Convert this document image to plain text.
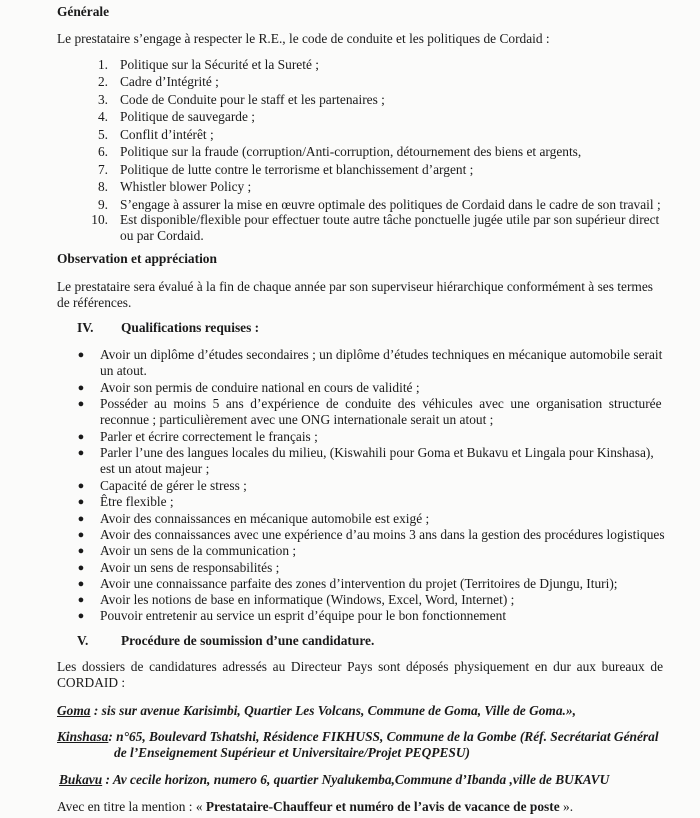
Générale
Le prestataire s’engage à respecter le R.E., le code de conduite et les politiques de Cordaid :
1. Politique sur la Sécurité et la Sureté ;
2. Cadre d’Intégrité ;
3. Code de Conduite pour le staff et les partenaires ;
4. Politique de sauvegarde ;
5. Conflit d’intérêt ;
6. Politique sur la fraude (corruption/Anti-corruption, détournement des biens et argents,
7. Politique de lutte contre le terrorisme et blanchissement d’argent ;
8. Whistler blower Policy ;
9. S’engage à assurer la mise en œuvre optimale des politiques de Cordaid dans le cadre de son travail ;
10. Est disponible/flexible pour effectuer toute autre tâche ponctuelle jugée utile par son supérieur direct
ou par Cordaid.
Observation et appréciation
Le prestataire sera évalué à la fin de chaque année par son superviseur hiérarchique conformément à ses termes
de références.
IV. Qualifications requises :
● Avoir un diplôme d’études secondaires ; un diplôme d’études techniques en mécanique automobile serait
un atout.
● Avoir son permis de conduire national en cours de validité ;
● Posséder au moins 5 ans d’expérience de conduite des véhicules avec une organisation structurée
reconnue ; particulièrement avec une ONG internationale serait un atout ;
● Parler et écrire correctement le français ;
● Parler l’une des langues locales du milieu, (Kiswahili pour Goma et Bukavu et Lingala pour Kinshasa),
est un atout majeur ;
● Capacité de gérer le stress ;
● Être flexible ;
● Avoir des connaissances en mécanique automobile est exigé ;
● Avoir des connaissances avec une expérience d’au moins 3 ans dans la gestion des procédures logistiques
● Avoir un sens de la communication ;
● Avoir un sens de responsabilités ;
● Avoir une connaissance parfaite des zones d’intervention du projet (Territoires de Djungu, Ituri);
● Avoir les notions de base en informatique (Windows, Excel, Word, Internet) ;
● Pouvoir entretenir au service un esprit d’équipe pour le bon fonctionnement
V. Procédure de soumission d’une candidature.
Les dossiers de candidatures adressés au Directeur Pays sont déposés physiquement en dur aux bureaux de
CORDAID :
Goma : sis sur avenue Karisimbi, Quartier Les Volcans, Commune de Goma, Ville de Goma.»,
Kinshasa: n°65, Boulevard Tshatshi, Résidence FIKHUSS, Commune de la Gombe (Réf. Secrétariat Général
de l’Enseignement Supérieur et Universitaire/Projet PEQPESU)
Bukavu : Av cecile horizon, numero 6, quartier Nyalukemba,Commune d’Ibanda ,ville de BUKAVU
Avec en titre la mention : « Prestataire-Chauffeur et numéro de l’avis de vacance de poste ».
